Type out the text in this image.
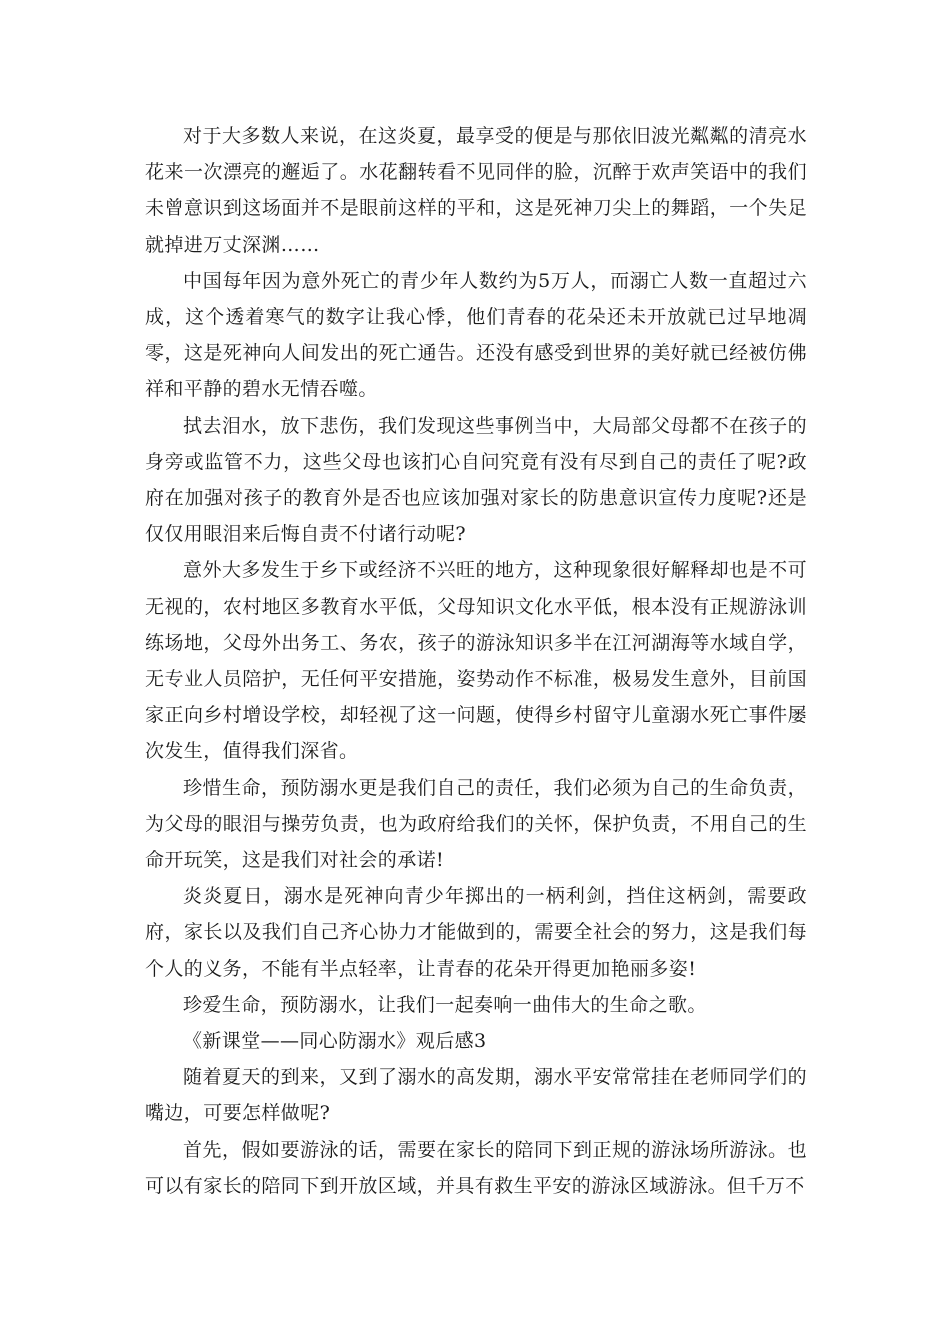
对于大多数人来说，在这炎夏，最享受的便是与那依旧波光粼粼的清亮水花来一次漂亮的邂逅了。水花翻转看不见同伴的脸，沉醉于欢声笑语中的我们未曾意识到这场面并不是眼前这样的平和，这是死神刀尖上的舞蹈，一个失足就掉进万丈深渊……

中国每年因为意外死亡的青少年人数约为5万人，而溺亡人数一直超过六成，这个透着寒气的数字让我心悸，他们青春的花朵还未开放就已过早地凋零，这是死神向人间发出的死亡通告。还没有感受到世界的美好就已经被仿佛祥和平静的碧水无情吞噬。

拭去泪水，放下悲伤，我们发现这些事例当中，大局部父母都不在孩子的身旁或监管不力，这些父母也该扪心自问究竟有没有尽到自己的责任了呢?政府在加强对孩子的教育外是否也应该加强对家长的防患意识宣传力度呢?还是仅仅用眼泪来后悔自责不付诸行动呢?

意外大多发生于乡下或经济不兴旺的地方，这种现象很好解释却也是不可无视的，农村地区多教育水平低，父母知识文化水平低，根本没有正规游泳训练场地，父母外出务工、务农，孩子的游泳知识多半在江河湖海等水域自学，无专业人员陪护，无任何平安措施，姿势动作不标准，极易发生意外，目前国家正向乡村增设学校，却轻视了这一问题，使得乡村留守儿童溺水死亡事件屡次发生，值得我们深省。

珍惜生命，预防溺水更是我们自己的责任，我们必须为自己的生命负责，为父母的眼泪与操劳负责，也为政府给我们的关怀，保护负责，不用自己的生命开玩笑，这是我们对社会的承诺!

炎炎夏日，溺水是死神向青少年掷出的一柄利剑，挡住这柄剑，需要政府，家长以及我们自己齐心协力才能做到的，需要全社会的努力，这是我们每个人的义务，不能有半点轻率，让青春的花朵开得更加艳丽多姿!

珍爱生命，预防溺水，让我们一起奏响一曲伟大的生命之歌。

《新课堂——同心防溺水》观后感3

随着夏天的到来，又到了溺水的高发期，溺水平安常常挂在老师同学们的嘴边，可要怎样做呢?

首先，假如要游泳的话，需要在家长的陪同下到正规的游泳场所游泳。也可以有家长的陪同下到开放区域，并具有救生平安的游泳区域游泳。但千万不
